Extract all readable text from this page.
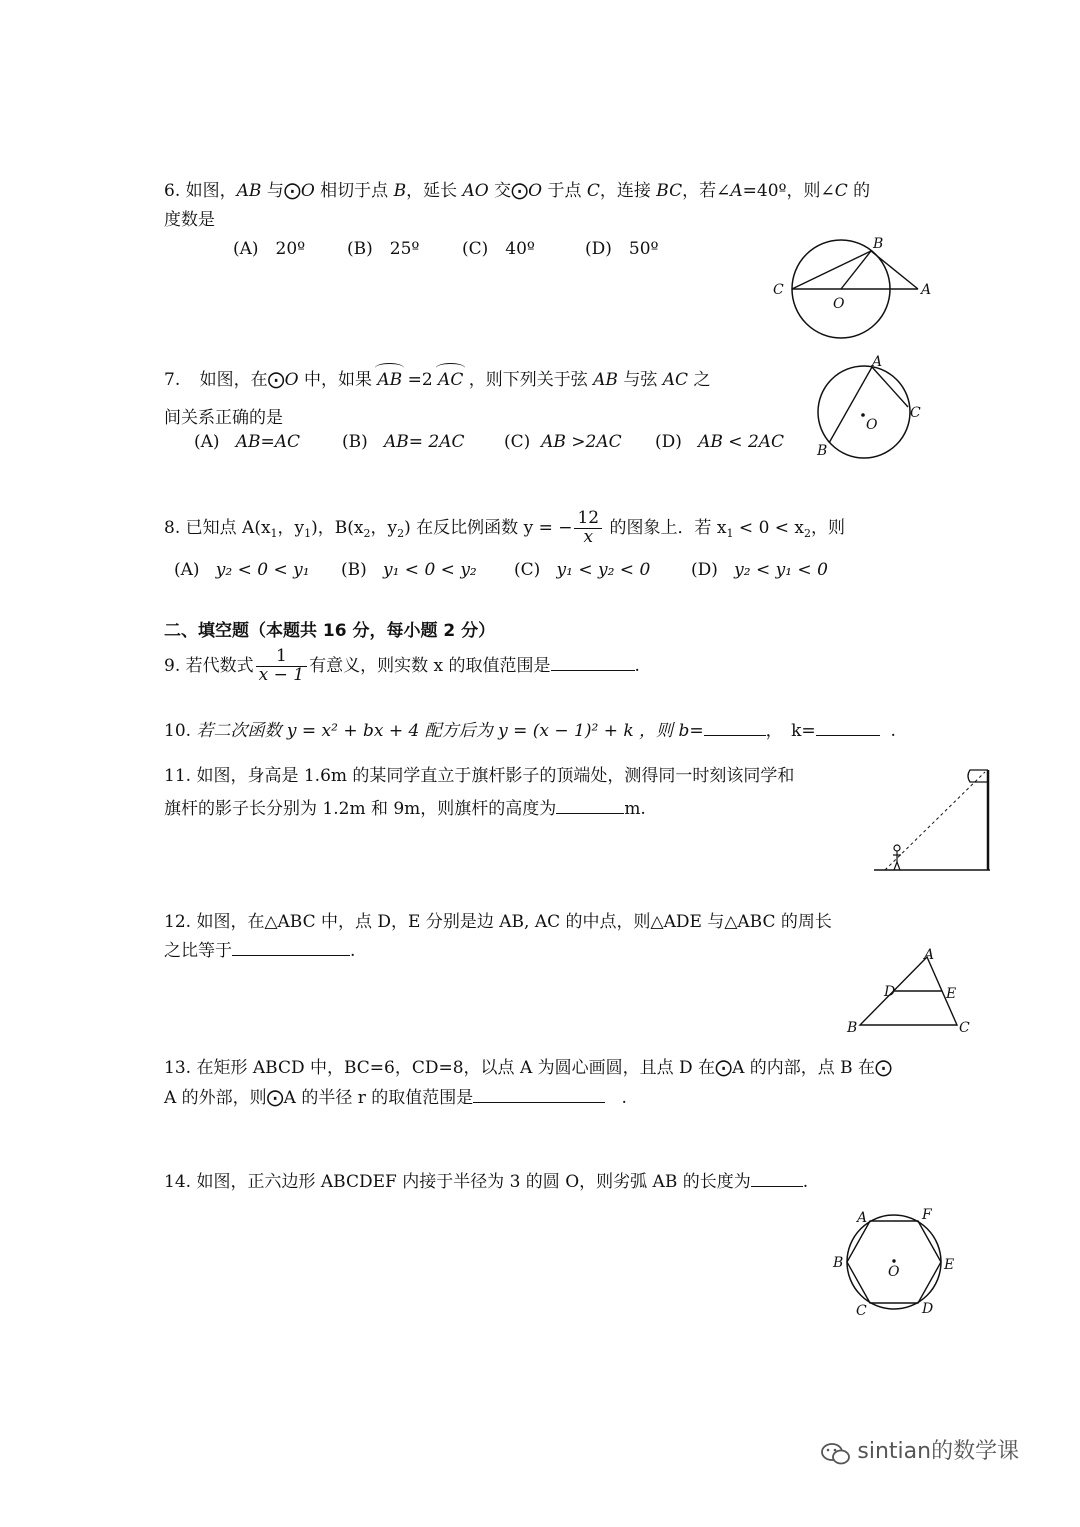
6. 如图，AB 与⨀O 相切于点 B，延长 AO 交⨀O 于点 C，连接 BC，若∠A=40º，则∠C 的
度数是
(A)　20º (B)　25º	(C)　40º	(D)　50º	B
C
O
A
7. 如图，在⨀O 中，如果 AB =2 AC ，则下列关于弦 AB 与弦 AC 之
间关系正确的是
(A) AB=AC (B) AB= 2AC (C) AB >2AC (D) AB < 2AC
A
C
B
O
8. 已知点 $A(x_1$，$y_1$)，$B(x_2$，$y_2$) 在反比例函数 y = − $\frac{12}{x}$ 的图象上．若 $x_1 < 0 < x_2$，则
(A) y₂ < 0 < y₁ (B) y₁ < 0 < y₂ (C) y₁ < y₂ < 0 (D) y₂ < y₁ < 0
二、填空题（本题共 16 分，每小题 2 分）
9. 若代数式 $\frac{1}{x - 1}$ 有意义，则实数 x 的取值范围是	.
10. 若二次函数 y = x² + bx + 4 配方后为 y = (x − 1)² + k ，则 b=	，　k=	.
11. 如图，身高是 1.6m 的某同学直立于旗杆影子的顶端处，测得同一时刻该同学和
旗杆的影子长分别为 1.2m 和 9m，则旗杆的高度为	m.
12. 如图，在△ABC 中，点 D，E 分别是边 AB, AC 的中点，则△ADE 与△ABC 的周长
之比等于	.	A
D	E
B	C
13. 在矩形 ABCD 中，BC=6，CD=8，以点 A 为圆心画圆，且点 D 在⨀A 的内部，点 B 在⨀
A 的外部，则⨀A 的半径 r 的取值范围是	.
14. 如图，正六边形 ABCDEF 内接于半径为 3 的圆 O，则劣弧 AB 的长度为	.
A	F
B	E
O
C	D
sintian的数学课
